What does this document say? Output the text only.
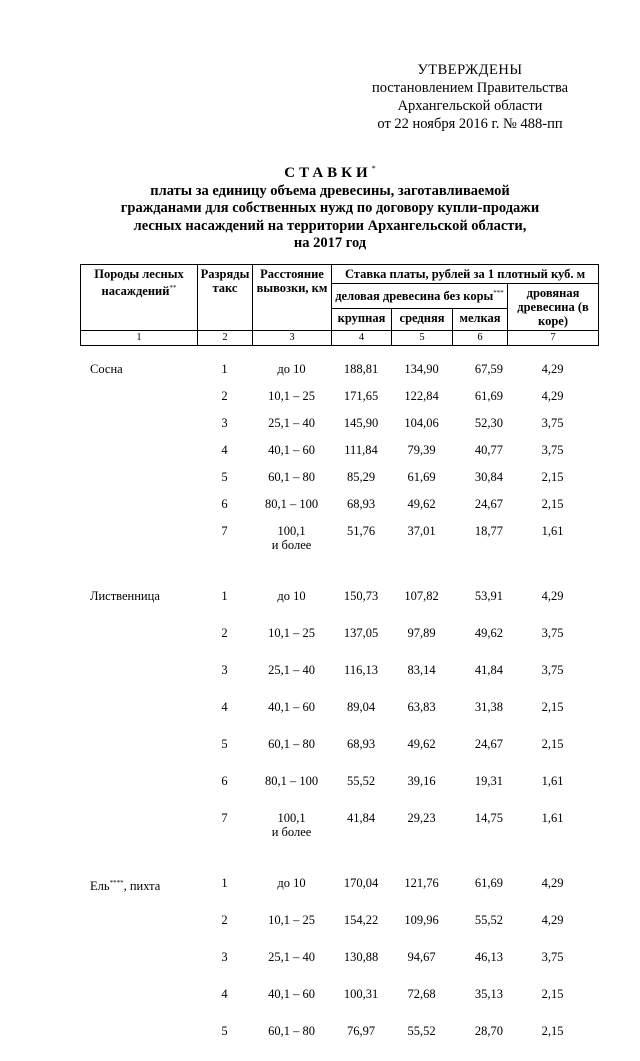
УТВЕРЖДЕНЫ
постановлением Правительства
Архангельской области
от 22 ноября 2016 г. № 488-пп
СТАВКИ*
платы за единицу объема древесины, заготавливаемой
гражданами для собственных нужд по договору купли-продажи
лесных насаждений на территории Архангельской области,
на 2017 год
Породы лесных насаждений**	Разряды такс	Расстояние вывозки, км	Ставка платы, рублей за 1 плотный куб. м			
			деловая древесина без коры***			дровяная древесина (в коре)
			крупная	средняя	мелкая	
1	2	3	4	5	6	7
Сосна	1	до 10	188,81	134,90	67,59	4,29
	2	10,1 – 25	171,65	122,84	61,69	4,29
	3	25,1 – 40	145,90	104,06	52,30	3,75
	4	40,1 – 60	111,84	79,39	40,77	3,75
	5	60,1 – 80	85,29	61,69	30,84	2,15
	6	80,1 – 100	68,93	49,62	24,67	2,15
	7	100,1
и более	51,76	37,01	18,77	1,61

Лиственница	1	до 10	150,73	107,82	53,91	4,29
	2	10,1 – 25	137,05	97,89	49,62	3,75
	3	25,1 – 40	116,13	83,14	41,84	3,75
	4	40,1 – 60	89,04	63,83	31,38	2,15
	5	60,1 – 80	68,93	49,62	24,67	2,15
	6	80,1 – 100	55,52	39,16	19,31	1,61
	7	100,1
и более	41,84	29,23	14,75	1,61

Ель****, пихта	1	до 10	170,04	121,76	61,69	4,29
	2	10,1 – 25	154,22	109,96	55,52	4,29
	3	25,1 – 40	130,88	94,67	46,13	3,75
	4	40,1 – 60	100,31	72,68	35,13	2,15
	5	60,1 – 80	76,97	55,52	28,70	2,15
